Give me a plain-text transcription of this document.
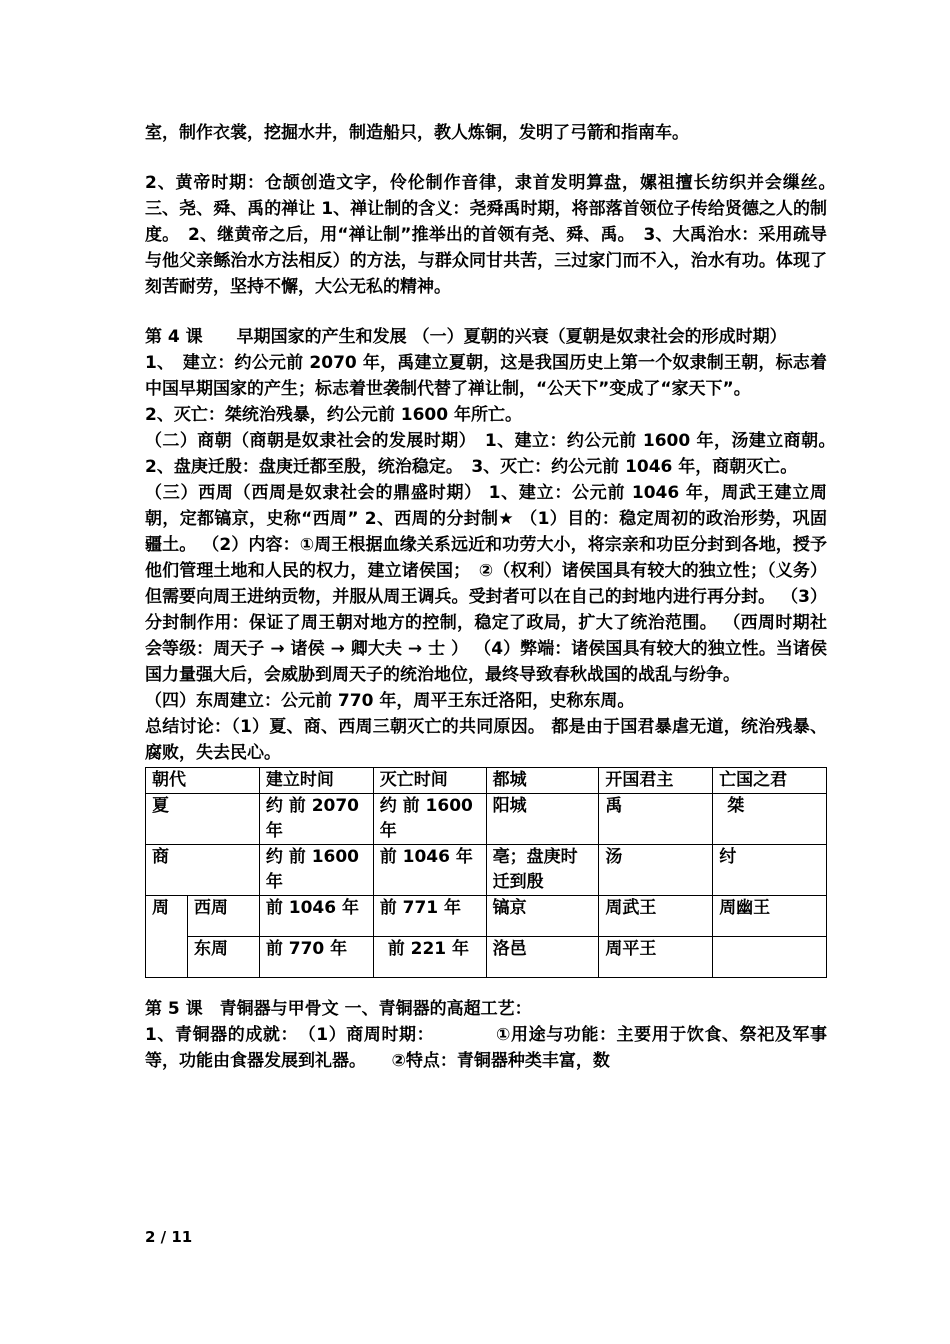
室，制作衣裳，挖掘水井，制造船只，教人炼铜，发明了弓箭和指南车。

2、黄帝时期：仓颉创造文字，伶伦制作音律，隶首发明算盘，嫘祖擅长纺织并会缫丝。　　三、尧、舜、禹的禅让 1、禅让制的含义：尧舜禹时期，将部落首领位子传给贤德之人的制度。　2、继黄帝之后，用“禅让制”推举出的首领有尧、舜、禹。　3、大禹治水：采用疏导与他父亲鲧治水方法相反）的方法，与群众同甘共苦，三过家门而不入，治水有功。体现了刻苦耐劳，坚持不懈，大公无私的精神。

第 4 课　　早期国家的产生和发展 （一）夏朝的兴衰（夏朝是奴隶社会的形成时期）

1、　建立：约公元前 2070 年，禹建立夏朝，这是我国历史上第一个奴隶制王朝，标志着中国早期国家的产生；标志着世袭制代替了禅让制，“公天下”变成了“家天下”。

2、灭亡：桀统治残暴，约公元前 1600 年所亡。

（二）商朝（商朝是奴隶社会的发展时期）　1、建立：约公元前 1600 年，汤建立商朝。　2、盘庚迁殷：盘庚迁都至殷，统治稳定。　3、灭亡：约公元前 1046 年，商朝灭亡。

（三）西周（西周是奴隶社会的鼎盛时期） 1、建立：公元前 1046 年，周武王建立周朝，定都镐京，史称“西周” 2、西周的分封制★ （1）目的：稳定周初的政治形势，巩固疆土。 （2）内容：①周王根据血缘关系远近和功劳大小，将宗亲和功臣分封到各地，授予他们管理土地和人民的权力，建立诸侯国；　②（权利）诸侯国具有较大的独立性；（义务）但需要向周王进纳贡物，并服从周王调兵。受封者可以在自己的封地内进行再分封。 （3）分封制作用：保证了周王朝对地方的控制，稳定了政局，扩大了统治范围。 （西周时期社会等级：周天子 → 诸侯 → 卿大夫 → 士 ） （4）弊端：诸侯国具有较大的独立性。当诸侯国力量强大后，会威胁到周天子的统治地位，最终导致春秋战国的战乱与纷争。

（四）东周建立：公元前 770 年，周平王东迁洛阳，史称东周。

总结讨论：（1）夏、商、西周三朝灭亡的共同原因。 都是由于国君暴虐无道，统治残暴、腐败，失去民心。

朝代		建立时间	灭亡时间	都城	开国君主	亡国之君
夏		约 前 2070 年	约 前 1600 年	阳城	禹	桀
商		约 前 1600 年	前 1046 年	亳；盘庚时迁到殷	汤	纣
周	西周	前 1046 年	前 771 年	镐京	周武王	周幽王
	东周	前 770 年	前 221 年	洛邑	周平王	

第 5 课　青铜器与甲骨文 一、青铜器的高超工艺：

1、青铜器的成就：　（1）商周时期：　　　　①用途与功能：主要用于饮食、祭祀及军事等，功能由食器发展到礼器。　　②特点：青铜器种类丰富，数

2 / 11
